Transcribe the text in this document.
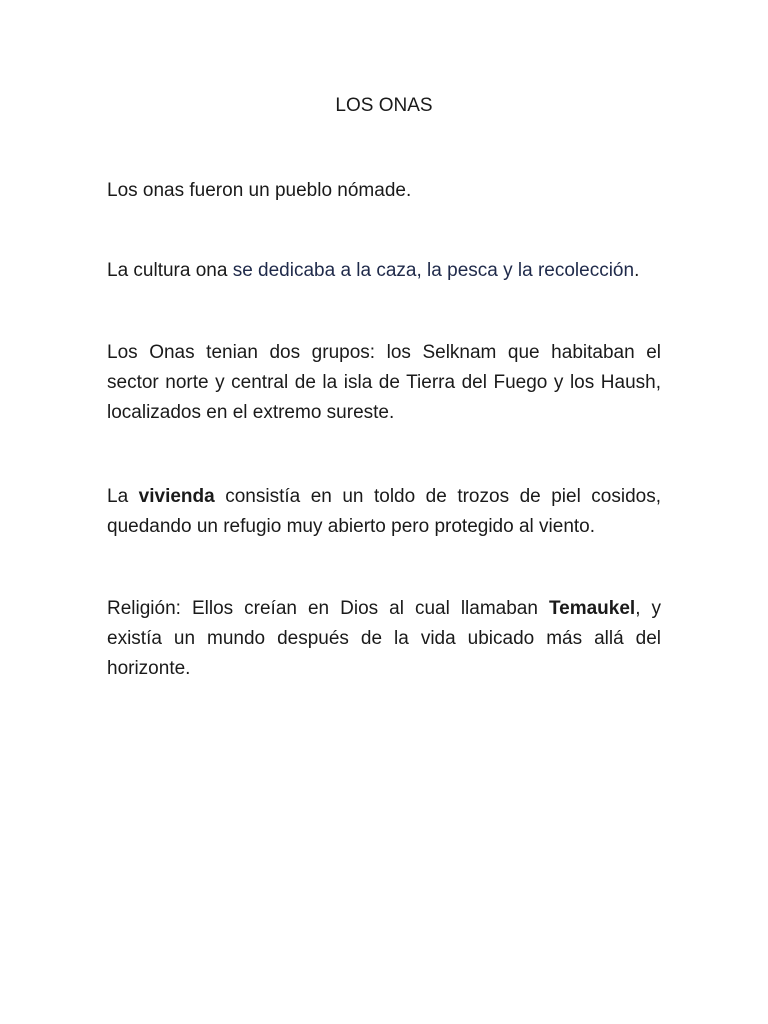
LOS ONAS

Los onas fueron un pueblo nómade.

La cultura ona se dedicaba a la caza, la pesca y la recolección.

Los Onas tenian dos grupos: los Selknam que habitaban el sector norte y central de la isla de Tierra del Fuego y los Haush, localizados en el extremo sureste.

La vivienda consistía en un toldo de trozos de piel cosidos, quedando un refugio muy abierto pero protegido al viento.

Religión: Ellos creían en Dios al cual llamaban Temaukel, y existía un mundo después de la vida ubicado más allá del horizonte.
